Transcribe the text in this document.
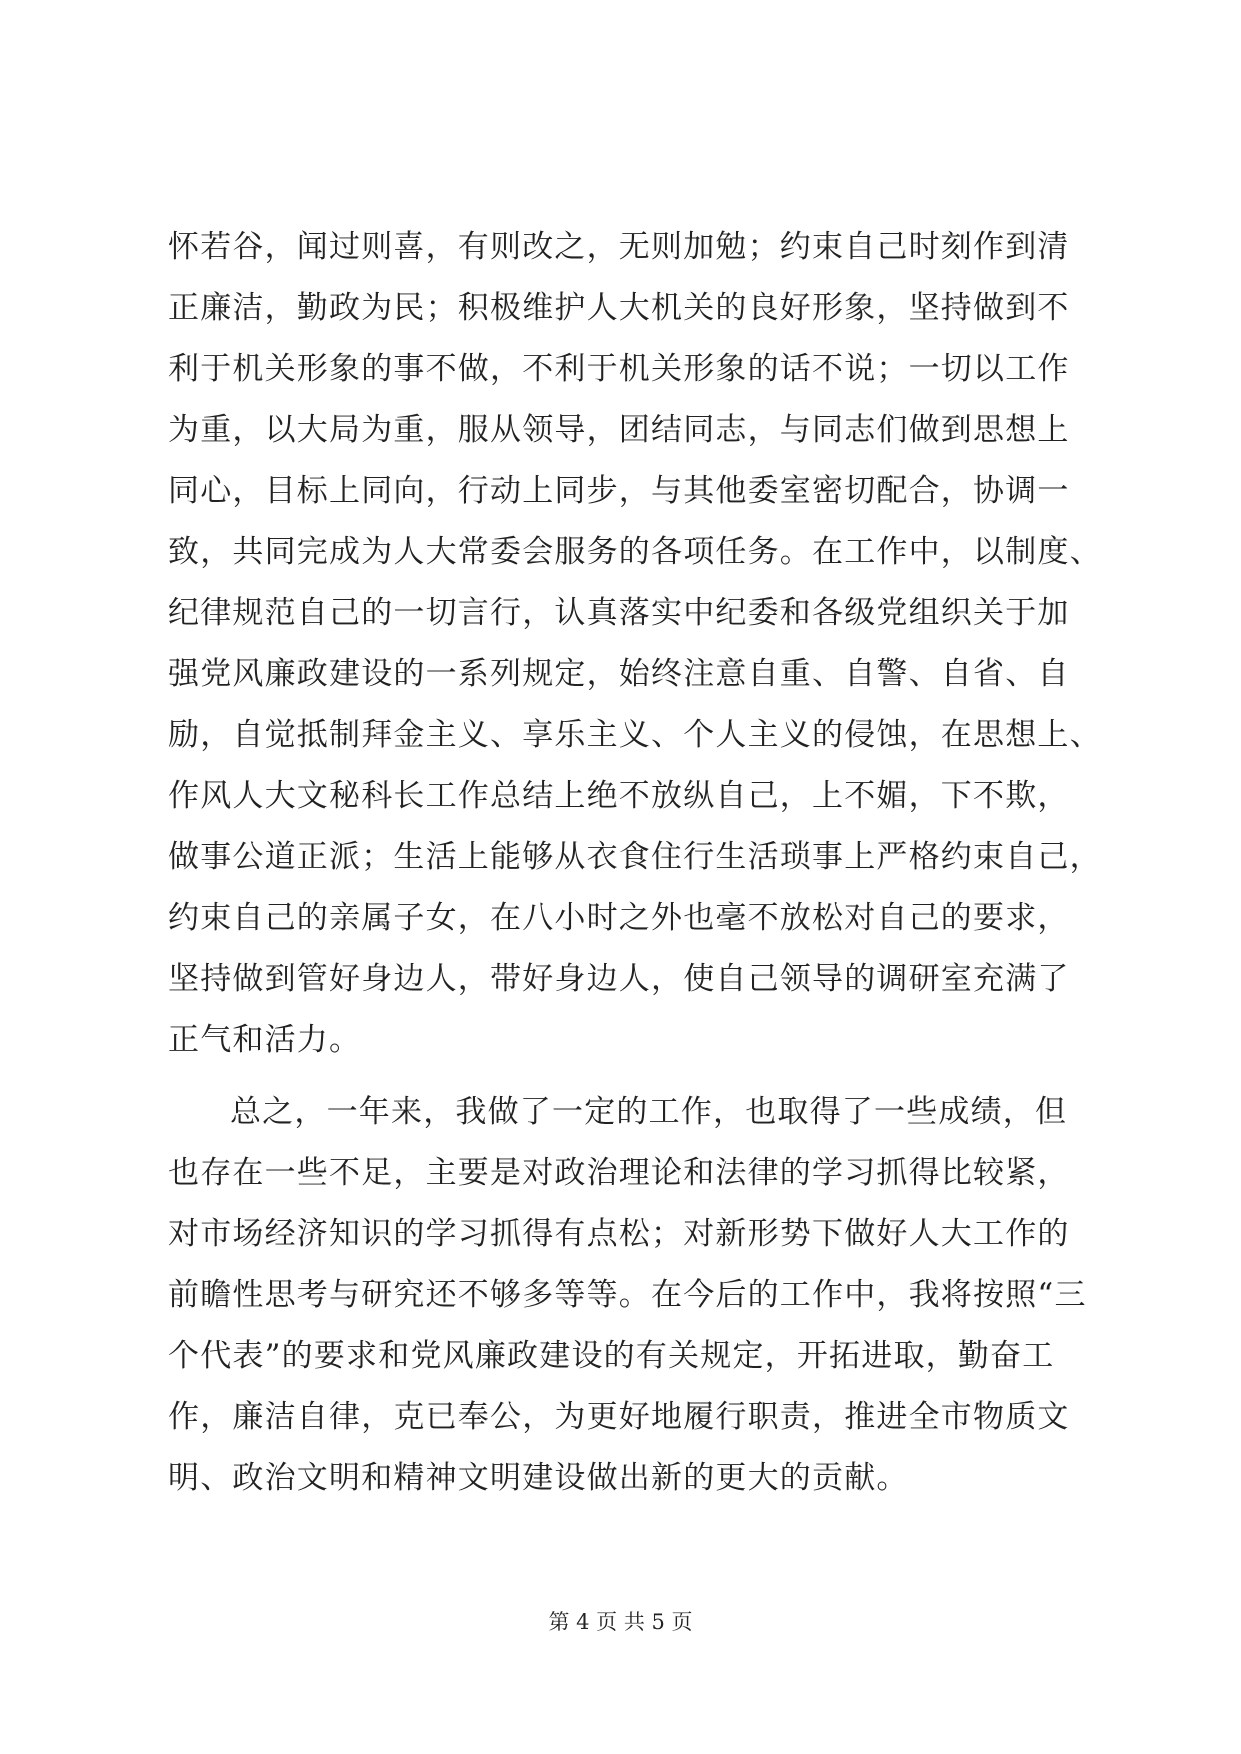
怀若谷，闻过则喜，有则改之，无则加勉；约束自己时刻作到清
正廉洁，勤政为民；积极维护人大机关的良好形象，坚持做到不
利于机关形象的事不做，不利于机关形象的话不说；一切以工作
为重，以大局为重，服从领导，团结同志，与同志们做到思想上
同心，目标上同向，行动上同步，与其他委室密切配合，协调一
致，共同完成为人大常委会服务的各项任务。在工作中，以制度、
纪律规范自己的一切言行，认真落实中纪委和各级党组织关于加
强党风廉政建设的一系列规定，始终注意自重、自警、自省、自
励，自觉抵制拜金主义、享乐主义、个人主义的侵蚀，在思想上、
作风人大文秘科长工作总结上绝不放纵自己，上不媚，下不欺，
做事公道正派；生活上能够从衣食住行生活琐事上严格约束自己，
约束自己的亲属子女，在八小时之外也毫不放松对自己的要求，
坚持做到管好身边人，带好身边人，使自己领导的调研室充满了
正气和活力。
总之，一年来，我做了一定的工作，也取得了一些成绩，但
也存在一些不足，主要是对政治理论和法律的学习抓得比较紧，
对市场经济知识的学习抓得有点松；对新形势下做好人大工作的
前瞻性思考与研究还不够多等等。在今后的工作中，我将按照“三
个代表”的要求和党风廉政建设的有关规定，开拓进取，勤奋工
作，廉洁自律，克已奉公，为更好地履行职责，推进全市物质文
明、政治文明和精神文明建设做出新的更大的贡献。
第 4 页 共 5 页
